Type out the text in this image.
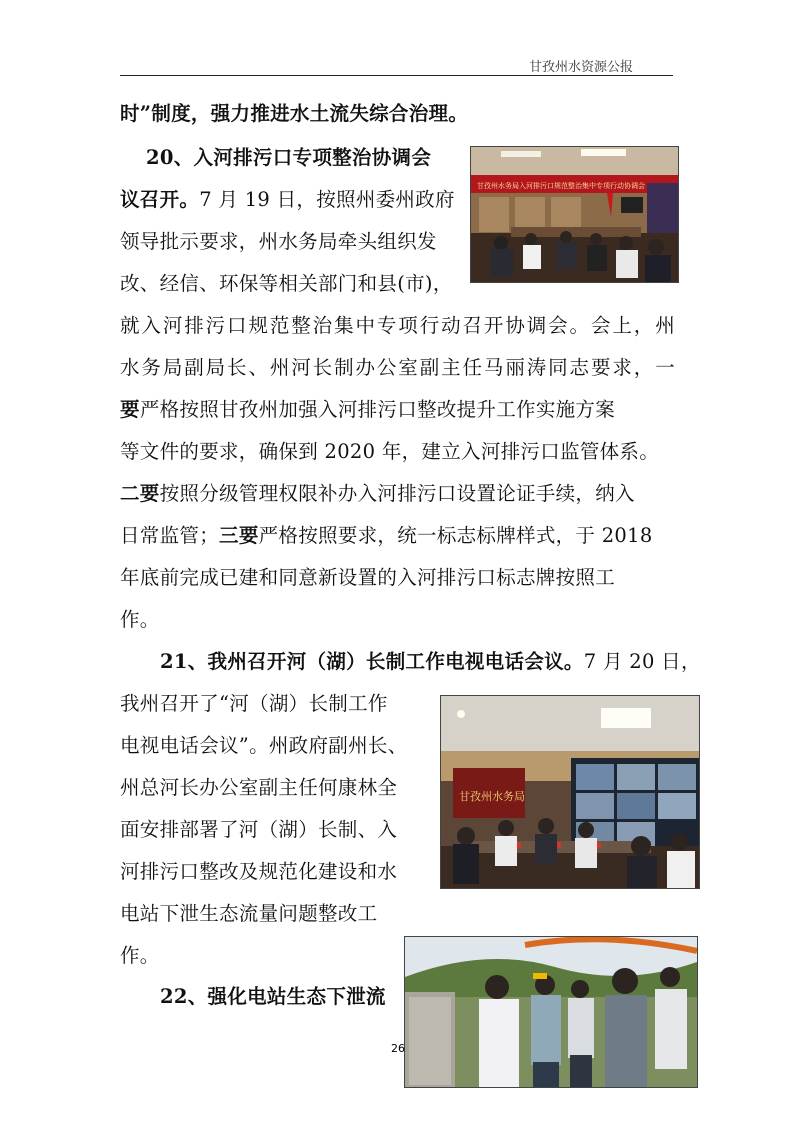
甘孜州水资源公报
时”制度，强力推进水土流失综合治理。
20、入河排污口专项整治协调会
议召开。7 月 19 日，按照州委州政府
领导批示要求，州水务局牵头组织发
改、经信、环保等相关部门和县(市)，
甘孜州水务局入河排污口规范整治集中专项行动协调会
就入河排污口规范整治集中专项行动召开协调会。会上，州
水务局副局长、州河长制办公室副主任马丽涛同志要求，一
要严格按照甘孜州加强入河排污口整改提升工作实施方案
等文件的要求，确保到 2020 年，建立入河排污口监管体系。
二要按照分级管理权限补办入河排污口设置论证手续，纳入
日常监管；三要严格按照要求，统一标志标牌样式，于 2018
年底前完成已建和同意新设置的入河排污口标志牌按照工
作。
21、我州召开河（湖）长制工作电视电话会议。7 月 20 日，
我州召开了“河（湖）长制工作
电视电话会议”。州政府副州长、
州总河长办公室副主任何康林全
面安排部署了河（湖）长制、入
河排污口整改及规范化建设和水
电站下泄生态流量问题整改工
作。
甘孜州水务局
22、强化电站生态下泄流
26
